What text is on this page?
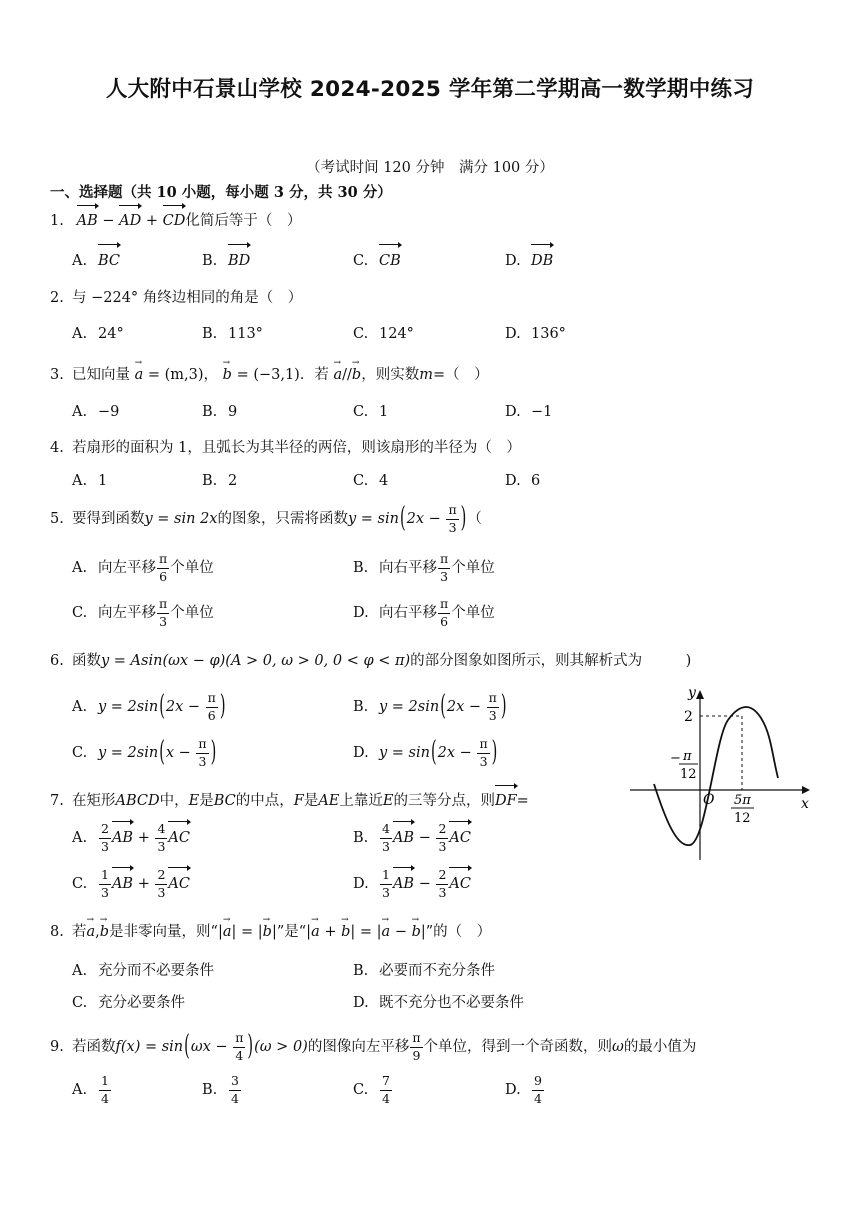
人大附中石景山学校 2024-2025 学年第二学期高一数学期中练习
（考试时间 120 分钟　满分 100 分）
一、选择题（共 10 小题，每小题 3 分，共 30 分）
1. AB − AD + CD化简后等于（　）
A. BC	B. BD	C. CB	D. DB
2. 与 −224° 角终边相同的角是（　）
A. 24°	B. 113°	C. 124°	D. 136°
3. 已知向量 → a = (m,3)， → b = (−3,1)．若 → a//→ b，则实数m=（　）
A. −9	B. 9	C. 1	D. −1
4. 若扇形的面积为 1，且弧长为其半径的两倍，则该扇形的半径为（　）
A. 1	B. 2	C. 4	D. 6
5. 要得到函数y = sin 2x的图象，只需将函数$y = \sin(2x - \frac{\pi}{3}$ )（
A. 向左平移 $\frac{\pi}{6}$ 个单位	B. 向右平移 $\frac{\pi}{3}$ 个单位
C. 向左平移 $\frac{\pi}{3}$ 个单位	D. 向右平移 $\frac{\pi}{6}$ 个单位
6. 函数y = Asin(ωx − φ)(A > 0, ω > 0, 0 < φ < π)的部分图象如图所示，则其解析式为　　　)
A. $y = 2\sin(2x - \frac{\pi}{6}$ )	B. $y = 2\sin(2x - \frac{\pi}{3}$ )
C. $y = 2\sin(x - \frac{\pi}{3}$ )	D. $y = \sin(2x - \frac{\pi}{3}$ )
y
x
O
2
− π
12
5π
12
7. 在矩形ABCD中，E是BC的中点，F是AE上靠近E的三等分点，则DF=
A. $\frac{2}{3}$ AB + $\frac{4}{3}$ AC	B. $\frac{4}{3}$ AB − $\frac{2}{3}$ AC
C. $\frac{1}{3}$ AB + $\frac{2}{3}$ AC	D. $\frac{1}{3}$ AB − $\frac{2}{3}$ AC
8. 若→ a,→ b是非零向量，则“|→ a| = |→ b|”是“|→ a + → b| = |→ a − → b|”的（　）
A. 充分而不必要条件	B. 必要而不充分条件
C. 充分必要条件	D. 既不充分也不必要条件
9. 若函数$f(x) = \sin(\omega x - \frac{\pi}{4} )(\omega > 0)$的图像向左平移 $\frac{\pi}{9}$ 个单位，得到一个奇函数，则ω的最小值为
A. $\frac{1}{4}$	B. $\frac{3}{4}$	C. $\frac{7}{4}$	D. $\frac{9}{4}$
